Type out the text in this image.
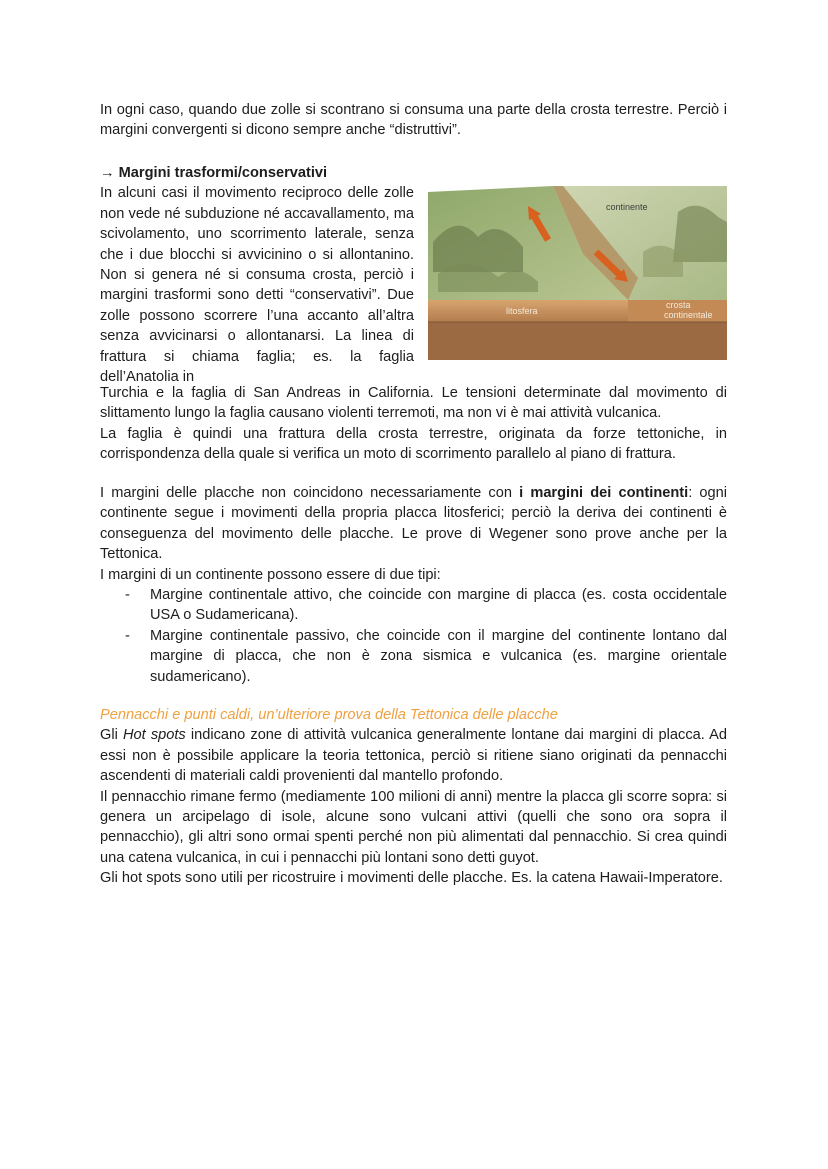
In ogni caso, quando due zolle si scontrano si consuma una parte della crosta terrestre. Perciò i margini convergenti si dicono sempre anche “distruttivi”.

→ Margini trasformi/conservativi

In alcuni casi il movimento reciproco delle zolle non vede né subduzione né accavallamento, ma scivolamento, uno scorrimento laterale, senza che i due blocchi si avvicinino o si allontanino. Non si genera né si consuma crosta, perciò i margini trasformi sono detti “conservativi”. Due zolle possono scorrere l’una accanto all’altra senza avvicinarsi o allontanarsi. La linea di frattura si chiama faglia; es. la faglia dell’Anatolia in

continente
litosfera
crosta
continentale

Turchia e la faglia di San Andreas in California. Le tensioni determinate dal movimento di slittamento lungo la faglia causano violenti terremoti, ma non vi è mai attività vulcanica.

La faglia è quindi una frattura della crosta terrestre, originata da forze tettoniche, in corrispondenza della quale si verifica un moto di scorrimento parallelo al piano di frattura.

I margini delle placche non coincidono necessariamente con i margini dei continenti: ogni continente segue i movimenti della propria placca litosferici; perciò la deriva dei continenti è conseguenza del movimento delle placche. Le prove di Wegener sono prove anche per la Tettonica.

I margini di un continente possono essere di due tipi:

- Margine continentale attivo, che coincide con margine di placca (es. costa occidentale USA o Sudamericana).
- Margine continentale passivo, che coincide con il margine del continente lontano dal margine di placca, che non è zona sismica e vulcanica (es. margine orientale sudamericano).
Pennacchi e punti caldi, un’ulteriore prova della Tettonica delle placche

Gli Hot spots indicano zone di attività vulcanica generalmente lontane dai margini di placca. Ad essi non è possibile applicare la teoria tettonica, perciò si ritiene siano originati da pennacchi ascendenti di materiali caldi provenienti dal mantello profondo.

Il pennacchio rimane fermo (mediamente 100 milioni di anni) mentre la placca gli scorre sopra: si genera un arcipelago di isole, alcune sono vulcani attivi (quelli che sono ora sopra il pennacchio), gli altri sono ormai spenti perché non più alimentati dal pennacchio. Si crea quindi una catena vulcanica, in cui i pennacchi più lontani sono detti guyot.

Gli hot spots sono utili per ricostruire i movimenti delle placche. Es. la catena Hawaii-Imperatore.
